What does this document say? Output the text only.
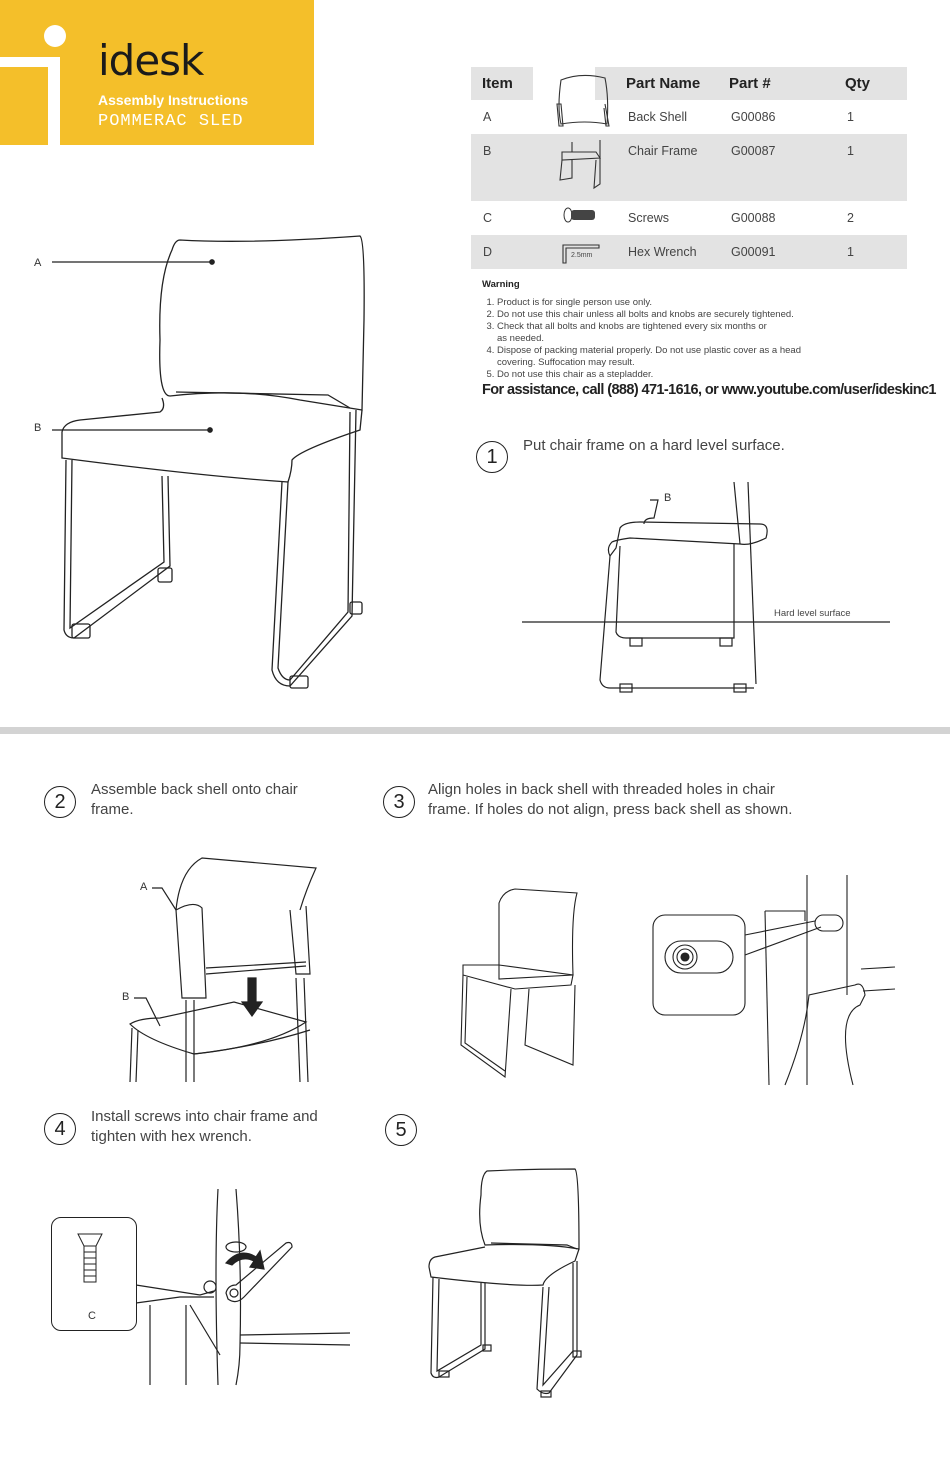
idesk
Assembly Instructions
POMMERAC SLED
A
B
Item	Part Name	Part #	Qty
A	Back Shell	G00086	1
B	Chair Frame	G00087	1
C	Screws	G00088	2
D	2.5mm	Hex Wrench	G00091	1
Warning
1. Product is for single person use only.
2. Do not use this chair unless all bolts and knobs are securely tightened.
3. Check that all bolts and knobs are tightened every six months or as needed.
4. Dispose of packing material properly. Do not use plastic cover as a head covering. Suffocation may result.
5. Do not use this chair as a stepladder.
For assistance, call (888) 471-1616, or www.youtube.com/user/ideskinc1
1	Put chair frame on a hard level surface.
B
Hard level surface
2
Assemble back shell onto chair frame.
A
B
3
Align holes in back shell with threaded holes in chair frame. If holes do not align, press back shell as shown.
4
Install screws into chair frame and tighten with hex wrench.
C
5
